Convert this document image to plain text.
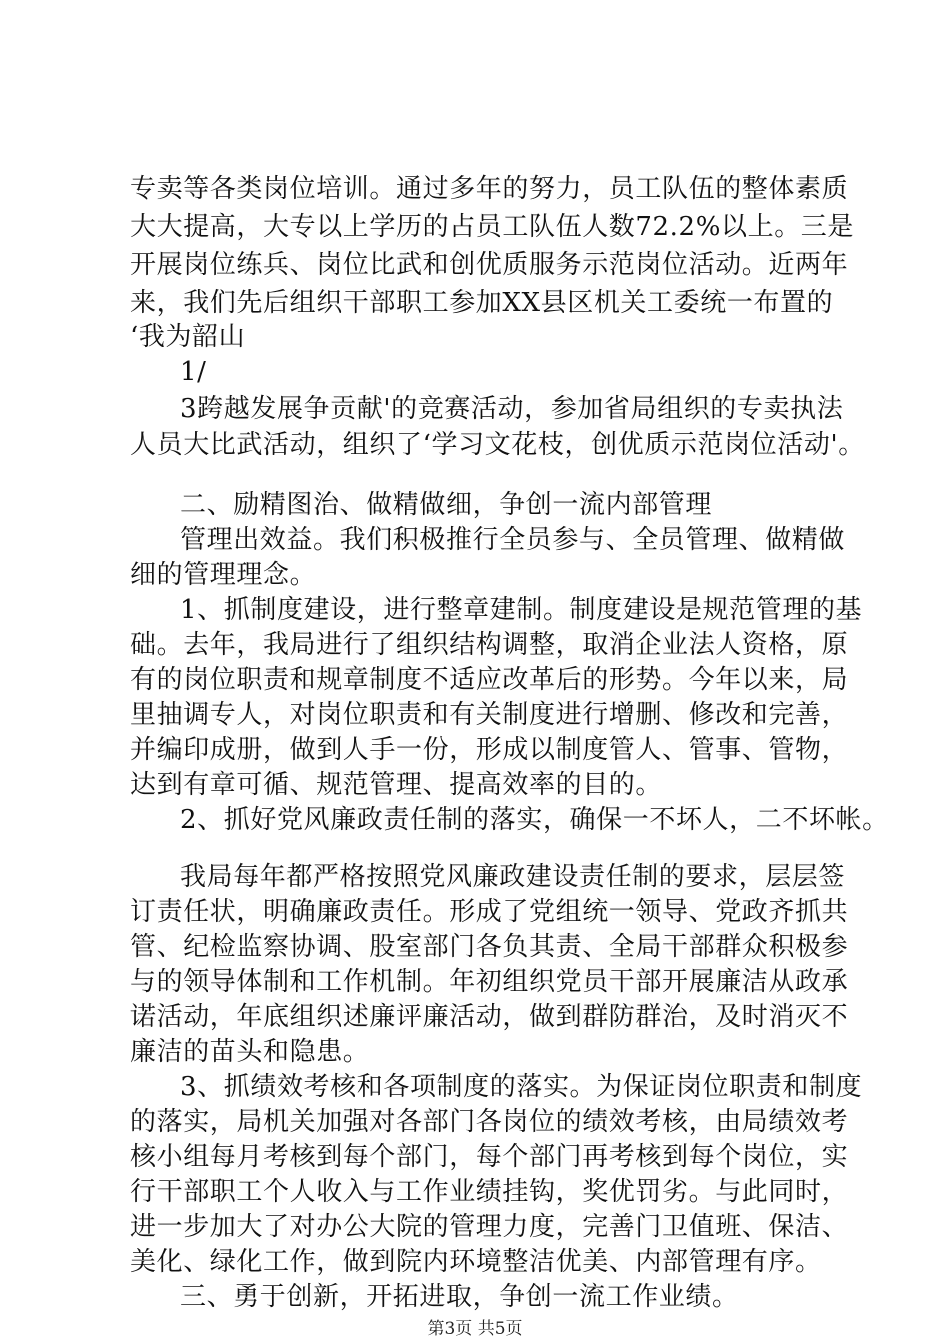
专卖等各类岗位培训。通过多年的努力，员工队伍的整体素质
大大提高，大专以上学历的占员工队伍人数72.2%以上。三是
开展岗位练兵、岗位比武和创优质服务示范岗位活动。近两年
来，我们先后组织干部职工参加XX县区机关工委统一布置的
‘我为韶山
1/
3跨越发展争贡献'的竞赛活动，参加省局组织的专卖执法
人员大比武活动，组织了‘学习文花枝，创优质示范岗位活动'。
二、励精图治、做精做细，争创一流内部管理
管理出效益。我们积极推行全员参与、全员管理、做精做
细的管理理念。
1、抓制度建设，进行整章建制。制度建设是规范管理的基
础。去年，我局进行了组织结构调整，取消企业法人资格，原
有的岗位职责和规章制度不适应改革后的形势。今年以来，局
里抽调专人，对岗位职责和有关制度进行增删、修改和完善，
并编印成册，做到人手一份，形成以制度管人、管事、管物，
达到有章可循、规范管理、提高效率的目的。
2、抓好党风廉政责任制的落实，确保一不坏人，二不坏帐。
我局每年都严格按照党风廉政建设责任制的要求，层层签
订责任状，明确廉政责任。形成了党组统一领导、党政齐抓共
管、纪检监察协调、股室部门各负其责、全局干部群众积极参
与的领导体制和工作机制。年初组织党员干部开展廉洁从政承
诺活动，年底组织述廉评廉活动，做到群防群治，及时消灭不
廉洁的苗头和隐患。
3、抓绩效考核和各项制度的落实。为保证岗位职责和制度
的落实，局机关加强对各部门各岗位的绩效考核，由局绩效考
核小组每月考核到每个部门，每个部门再考核到每个岗位，实
行干部职工个人收入与工作业绩挂钩，奖优罚劣。与此同时，
进一步加大了对办公大院的管理力度，完善门卫值班、保洁、
美化、绿化工作，做到院内环境整洁优美、内部管理有序。
三、勇于创新，开拓进取，争创一流工作业绩。
第3页 共5页
